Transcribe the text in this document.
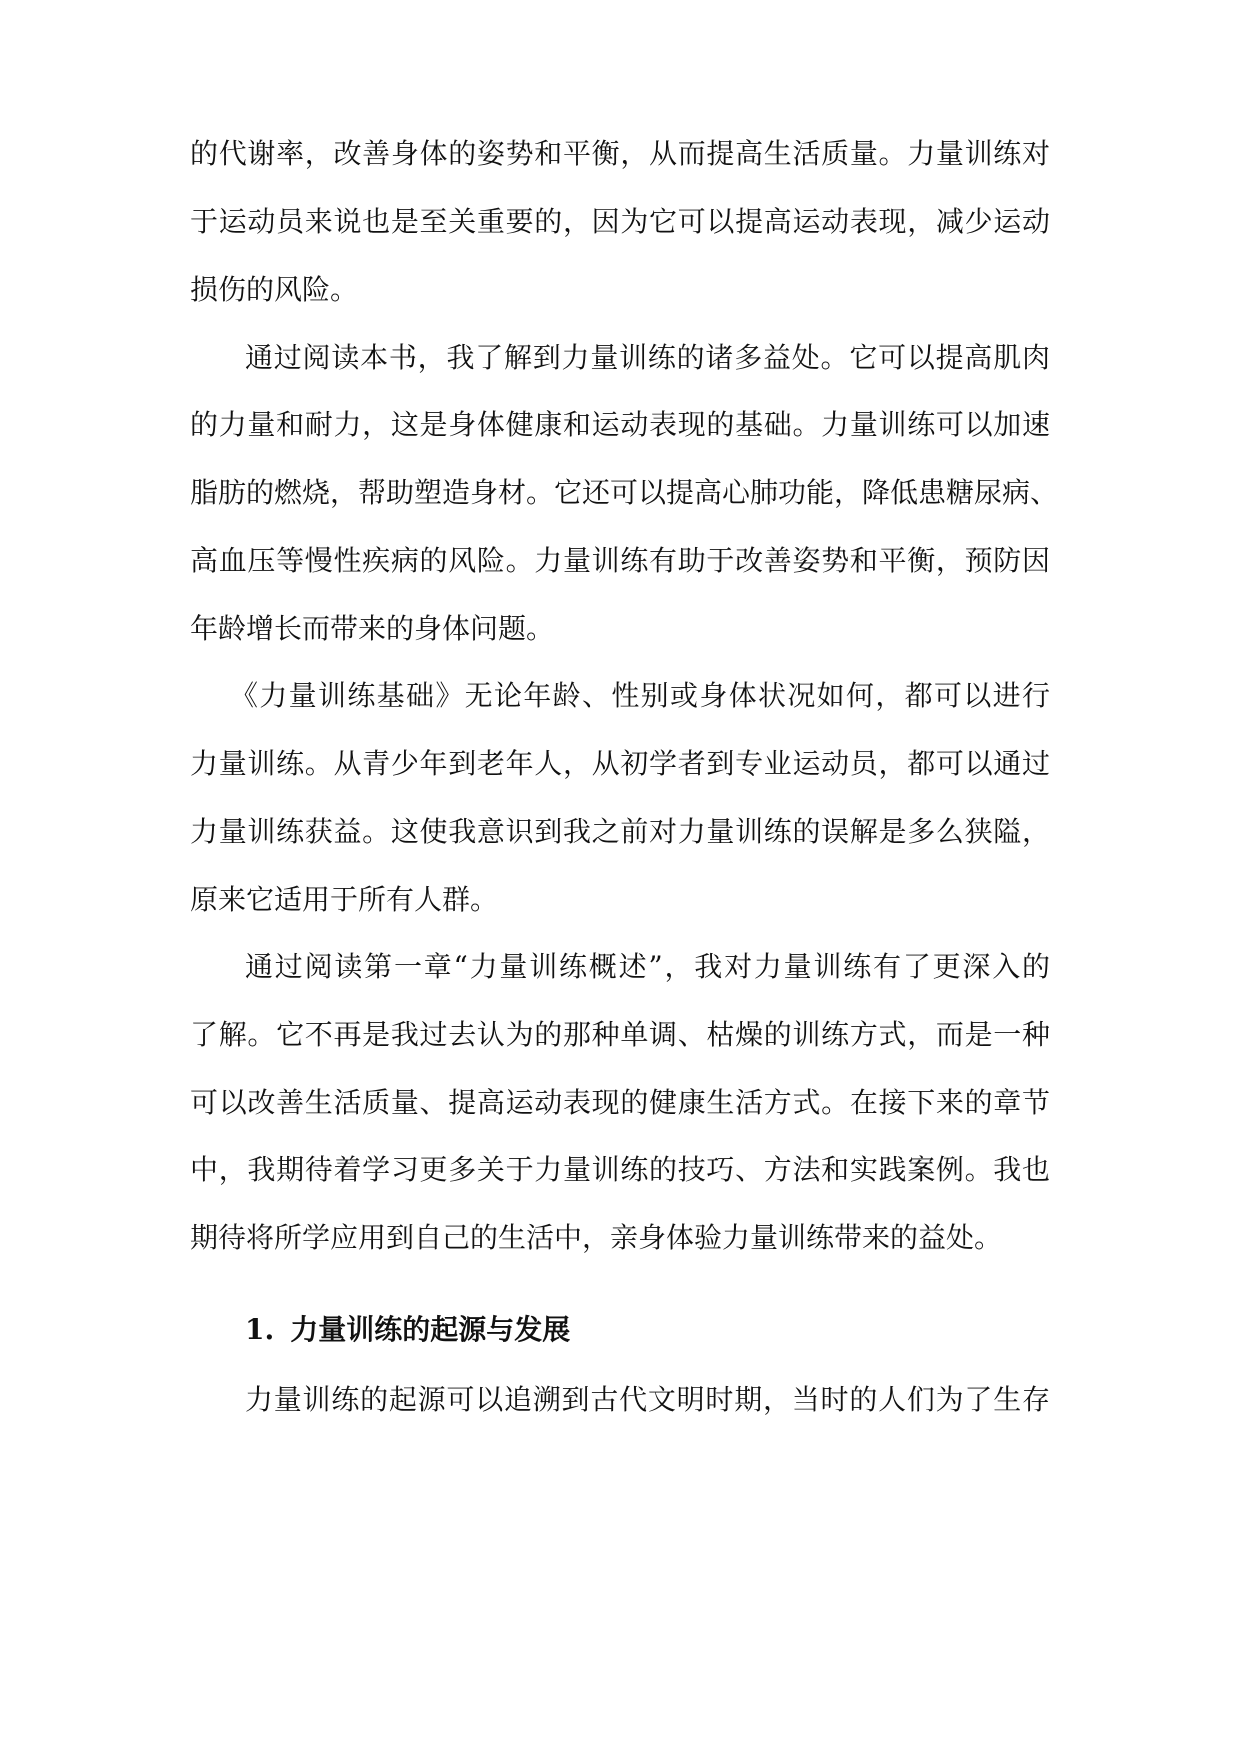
的代谢率，改善身体的姿势和平衡，从而提高生活质量。力量训练对
于运动员来说也是至关重要的，因为它可以提高运动表现，减少运动
损伤的风险。
通过阅读本书，我了解到力量训练的诸多益处。它可以提高肌肉
的力量和耐力，这是身体健康和运动表现的基础。力量训练可以加速
脂肪的燃烧，帮助塑造身材。它还可以提高心肺功能，降低患糖尿病、
高血压等慢性疾病的风险。力量训练有助于改善姿势和平衡，预防因
年龄增长而带来的身体问题。
《力量训练基础》无论年龄、性别或身体状况如何，都可以进行
力量训练。从青少年到老年人，从初学者到专业运动员，都可以通过
力量训练获益。这使我意识到我之前对力量训练的误解是多么狭隘，
原来它适用于所有人群。
通过阅读第一章“力量训练概述”，我对力量训练有了更深入的
了解。它不再是我过去认为的那种单调、枯燥的训练方式，而是一种
可以改善生活质量、提高运动表现的健康生活方式。在接下来的章节
中，我期待着学习更多关于力量训练的技巧、方法和实践案例。我也
期待将所学应用到自己的生活中，亲身体验力量训练带来的益处。
1. 力量训练的起源与发展
力量训练的起源可以追溯到古代文明时期，当时的人们为了生存
